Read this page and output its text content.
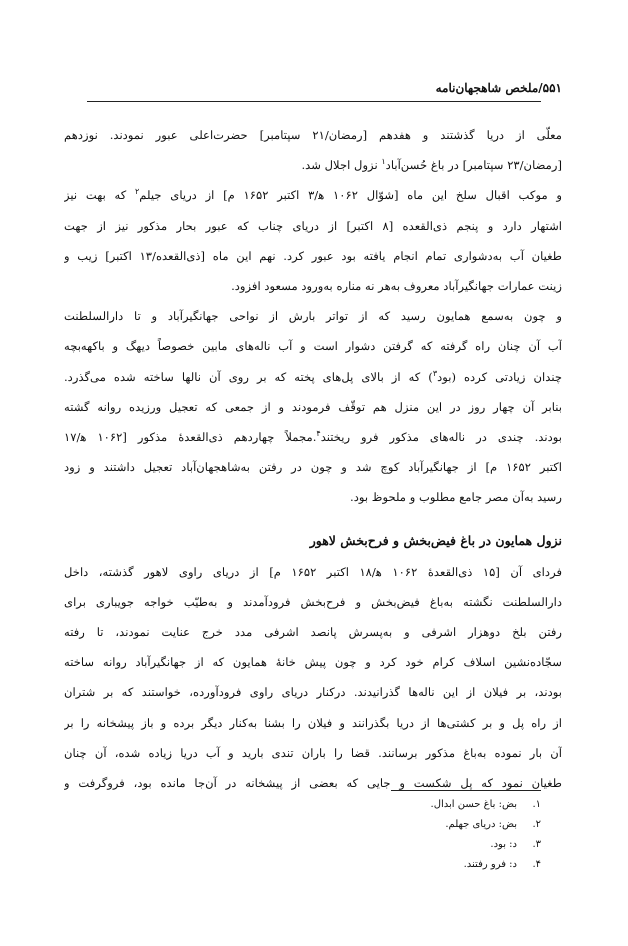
۵۵۱/ملخص شاهجهان‌نامه
معلّی از دریا گذشتند و هفدهم [رمضان/۲۱ سپتامبر] حضرت‌اعلی عبور نمودند. نوزدهم
[رمضان/۲۳ سپتامبر] در باغ حُسن‌آباد$^۱$ نزول اجلال شد.
و موکب اقبال سلخ این ماه [شوّال ۱۰۶۲ ه‍/۳ اکتبر ۱۶۵۲ م] از دریای جیلم$^۲$ که بهت نیز
اشتهار دارد و پنجم ذی‌القعده [۸ اکتبر] از دریای چناب که عبور بحار مذکور نیز از جهت
طغیان آب به‌دشواری تمام انجام یافته بود عبور کرد. نهم این ماه [ذی‌القعده/۱۳ اکتبر] زیب و
زینت عمارات جهانگیرآباد معروف به‌هر نه مناره به‌ورود مسعود افزود.
و چون به‌سمع همایون رسید که از تواتر بارش از نواحی جهانگیرآباد و تا دارالسلطنت
آب آن چنان راه گرفته که گرفتن دشوار است و آب ناله‌های مابین خصوصاً دیهگ و باکهه‌بچه
چندان زیادتی کرده (بود$^۳$) که از بالای پل‌های پخته که بر روی آن نالها ساخته شده می‌گذرد.
بنابر آن چهار روز در این منزل هم توقّف فرمودند و از جمعی که تعجیل ورزیده روانه گشته
بودند. چندی در ناله‌های مذکور فرو ریختند$^۴$.مجملاً چهاردهم ذی‌القعدهٔ مذکور [۱۰۶۲ ه‍/۱۷
اکتبر ۱۶۵۲ م] از جهانگیرآباد کوچ شد و چون در رفتن به‌شاهجهان‌آباد تعجیل داشتند و زود
رسید به‌آن مصر جامع مطلوب و ملحوظ بود.
نزول همایون در باغ فیض‌بخش و فرح‌بخش لاهور
فردای آن [۱۵ ذی‌القعدهٔ ۱۰۶۲ ه‍/۱۸ اکتبر ۱۶۵۲ م] از دریای راوی لاهور گذشته، داخل
دارالسلطنت نگشته به‌باغ فیض‌بخش و فرح‌بخش فرودآمدند و به‌طیّب خواجه جویباری برای
رفتن بلخ دوهزار اشرفی و به‌پسرش پانصد اشرفی مدد خرج عنایت نمودند، تا رفته
سجّاده‌نشین اسلاف کرام خود کرد و چون پیش خانهٔ همایون که از جهانگیرآباد روانه ساخته
بودند، بر فیلان از این ناله‌ها گذرانیدند. درکنار دریای راوی فرودآورده، خواستند که بر شتران
از راه پل و بر کشتی‌ها از دریا بگذرانند و فیلان را بشنا به‌کنار دیگر برده و باز پیشخانه را بر
آن بار نموده به‌باغ مذکور برسانند. قضا را باران تندی بارید و آب دریا زیاده شده، آن چنان
طغیان نمود که پل شکست و جایی که بعضی از پیشخانه در آن‌جا مانده بود، فروگرفت و
۱.بض: باغ حسن ابدال.
۲.بض: دریای جهلم.
۳.د: بود.
۴.د: فرو رفتند.
